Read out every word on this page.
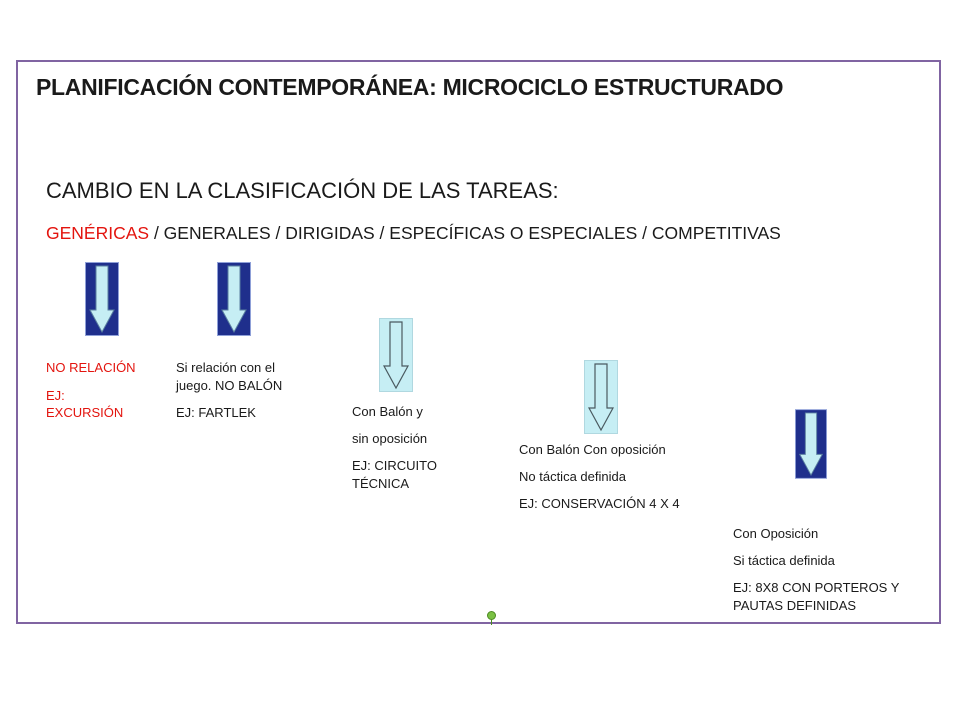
PLANIFICACIÓN CONTEMPORÁNEA: MICROCICLO ESTRUCTURADO
CAMBIO EN LA CLASIFICACIÓN DE LAS TAREAS:
GENÉRICAS / GENERALES / DIRIGIDAS / ESPECÍFICAS O ESPECIALES / COMPETITIVAS
NO RELACIÓN
EJ:
EXCURSIÓN
Si relación con el
juego. NO BALÓN
EJ: FARTLEK	Con Balón y
sin oposición
EJ: CIRCUITO
TÉCNICA
Con Balón Con oposición
No táctica definida
EJ: CONSERVACIÓN 4 X 4
Con Oposición
Si táctica definida
EJ: 8X8 CON PORTEROS Y
PAUTAS DEFINIDAS
